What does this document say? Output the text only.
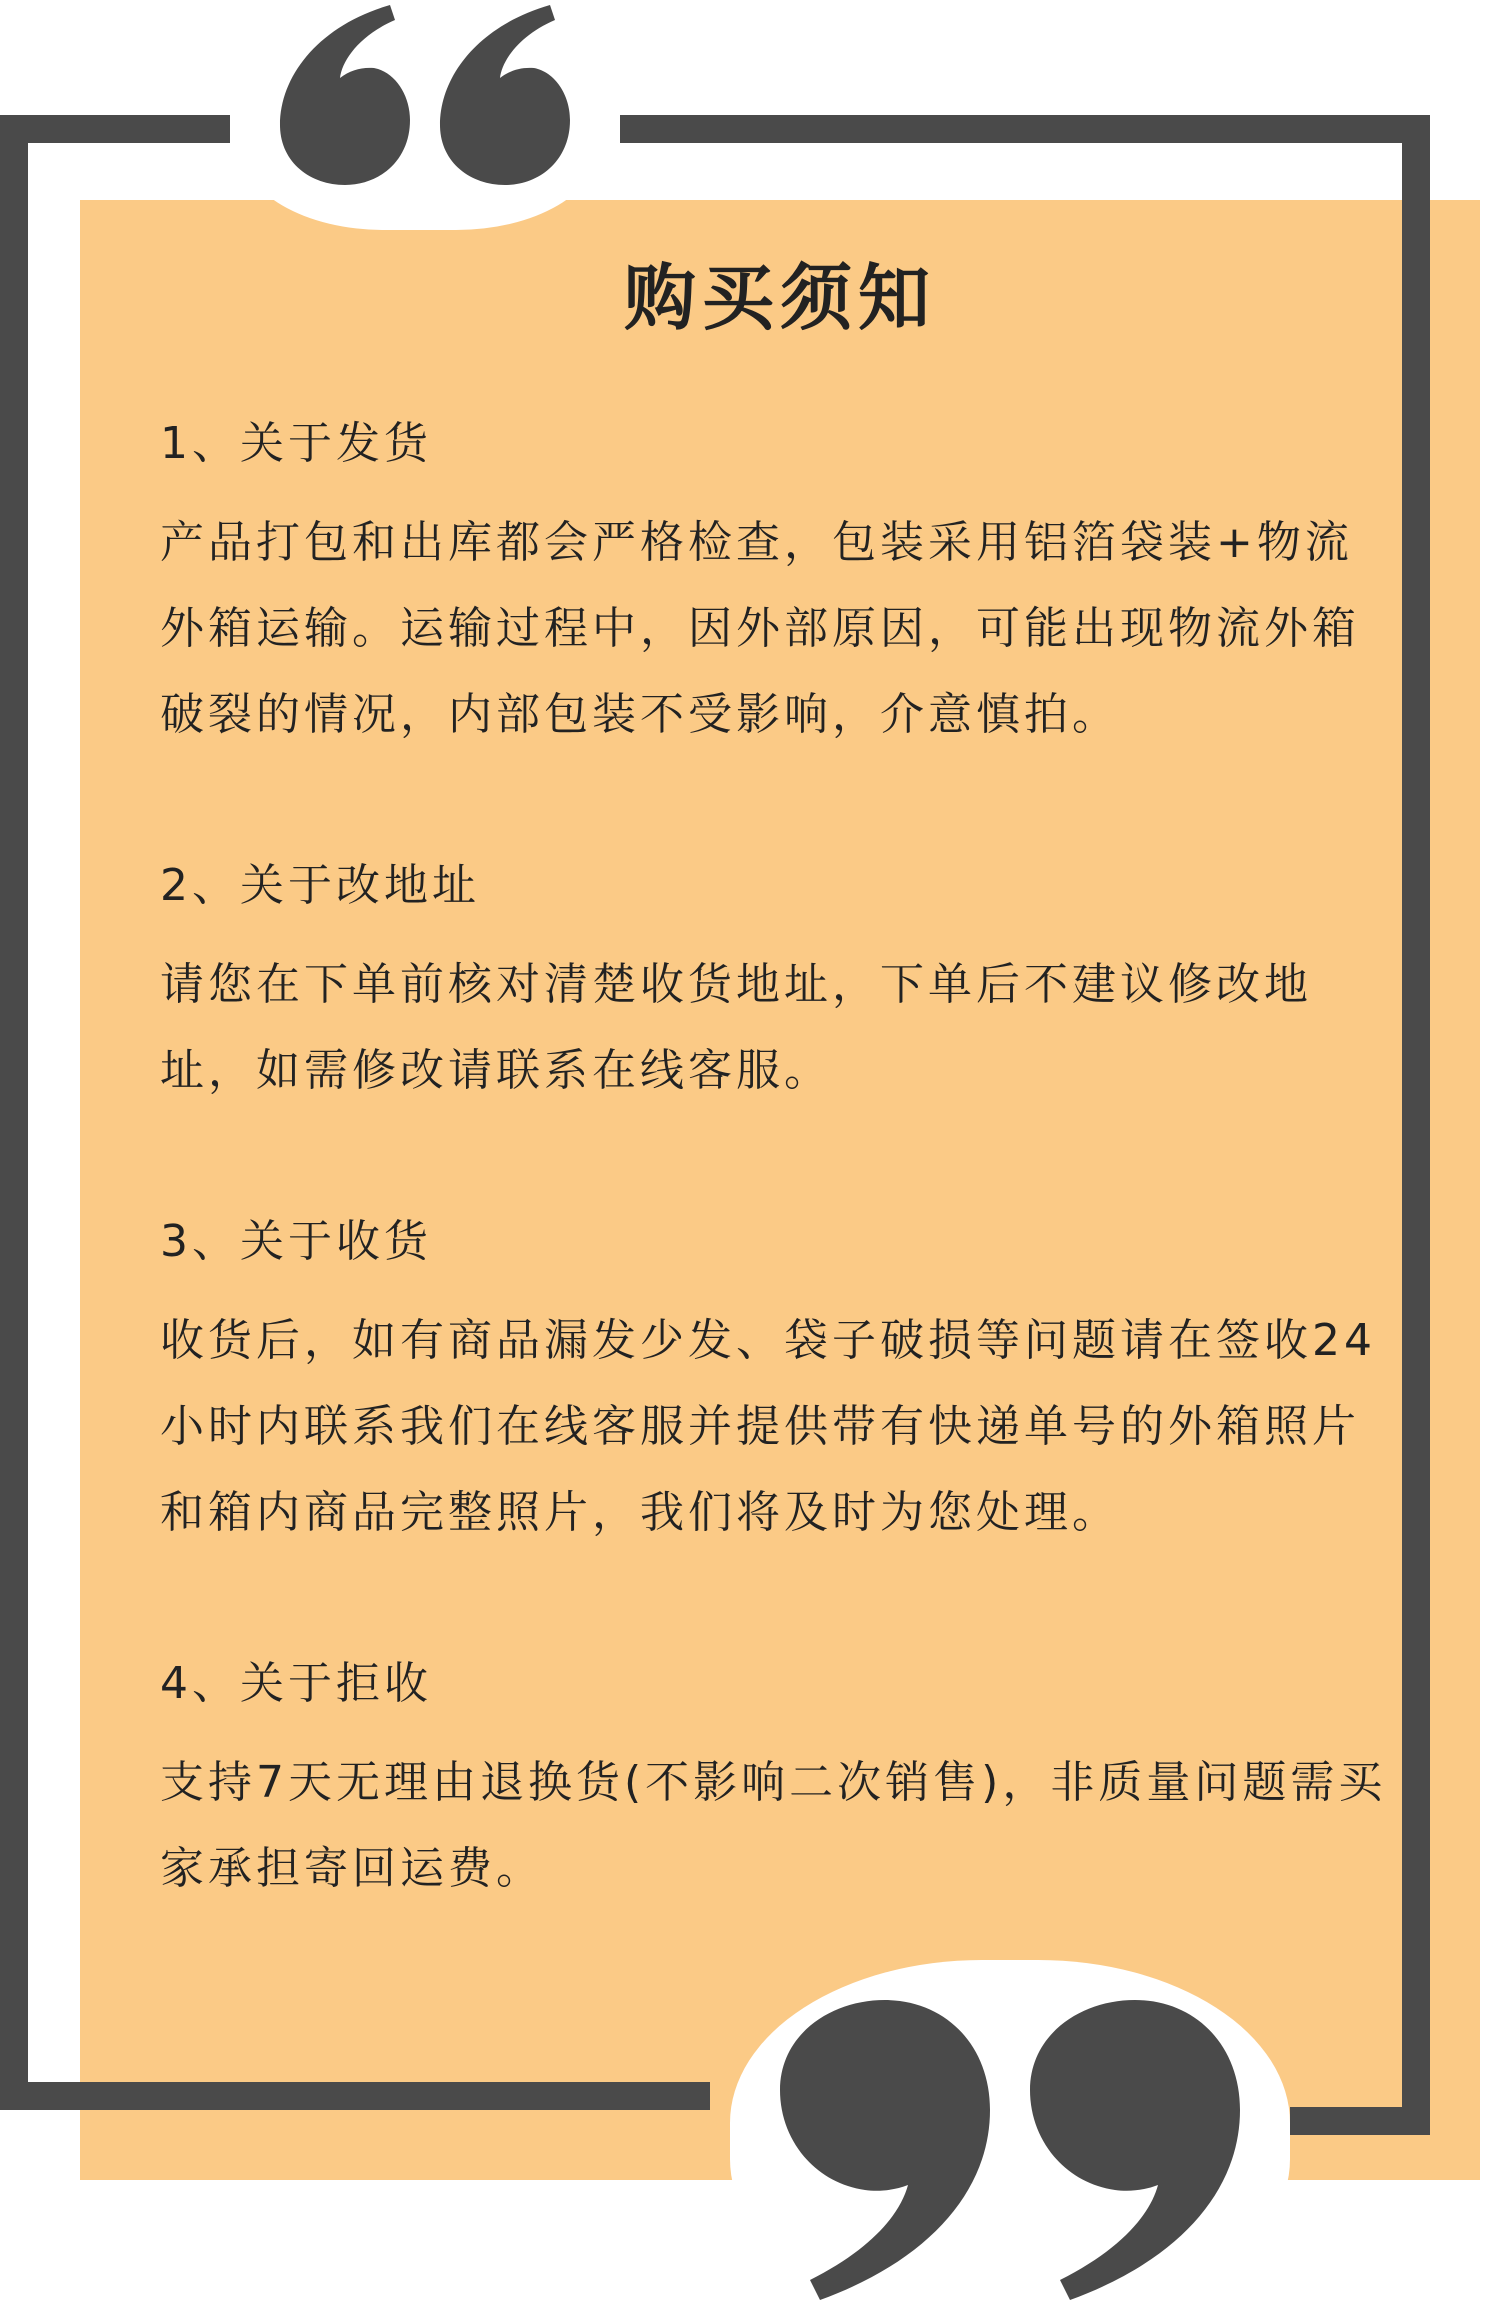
购买须知

1、关于发货

产品打包和出库都会严格检查，包装采用铝箔袋装+物流外箱运输。运输过程中，因外部原因，可能出现物流外箱破裂的情况，内部包装不受影响，介意慎拍。

2、关于改地址

请您在下单前核对清楚收货地址，下单后不建议修改地址，如需修改请联系在线客服。

3、关于收货

收货后，如有商品漏发少发、袋子破损等问题请在签收24小时内联系我们在线客服并提供带有快递单号的外箱照片和箱内商品完整照片，我们将及时为您处理。

4、关于拒收

支持7天无理由退换货(不影响二次销售)，非质量问题需买家承担寄回运费。
